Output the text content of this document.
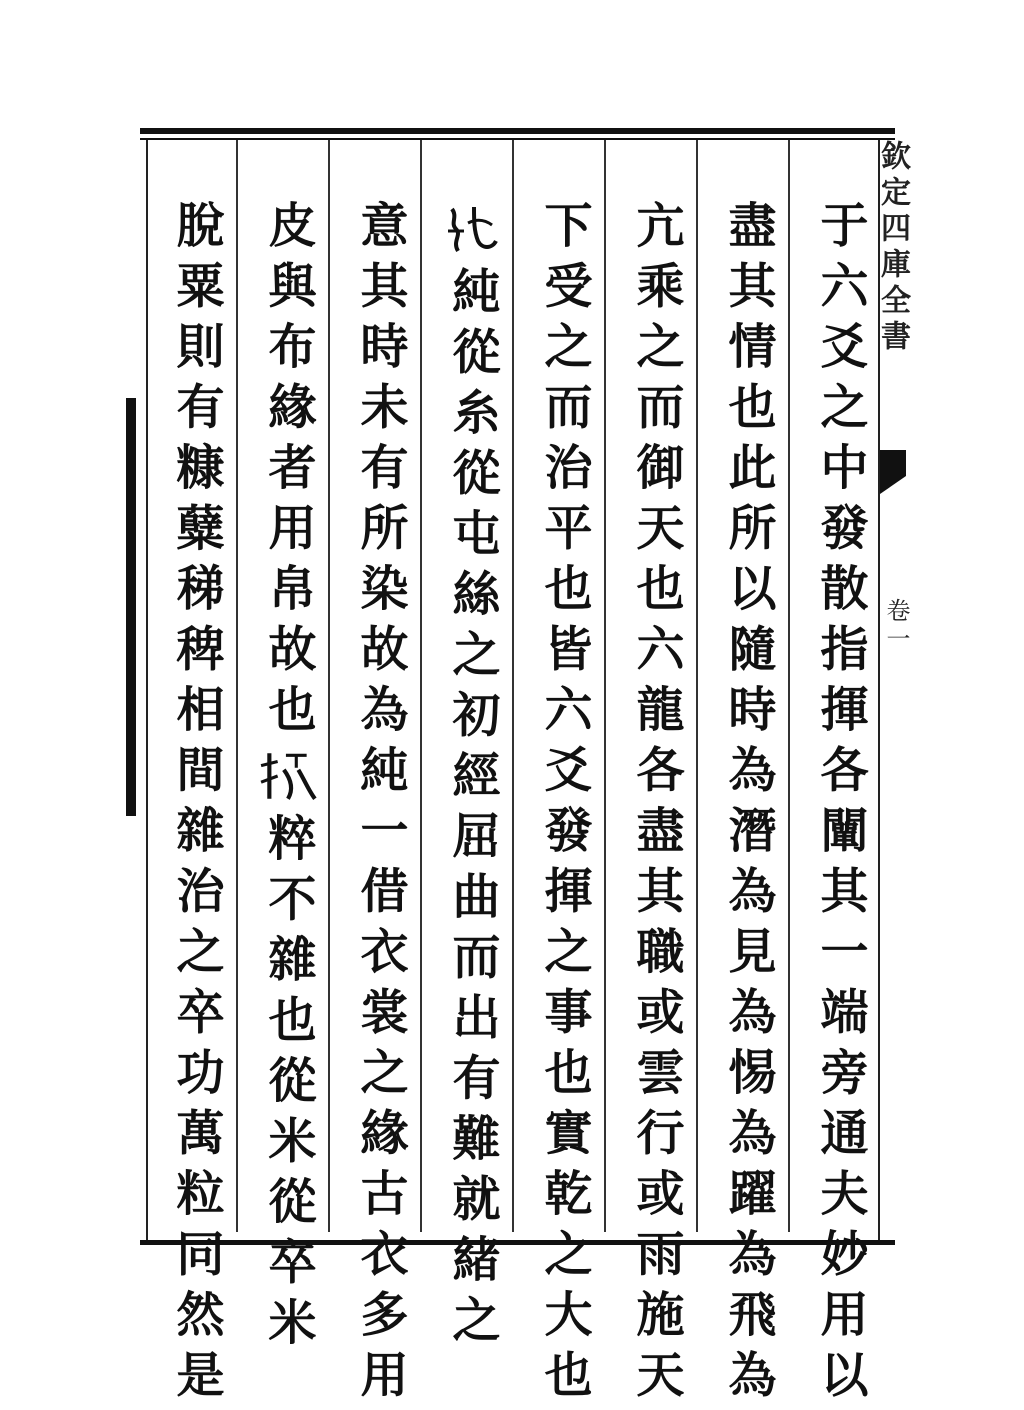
欽定四庫全書
卷一
于六爻之中發散指揮各闡其一端旁通夫妙用以
盡其情也此所以隨時為潛為見為惕為躍為飛為
亢乘之而御天也六龍各盡其職或雲行或雨施天
下受之而治平也皆六爻發揮之事也實乾之大也
純從糸從屯絲之初經屈曲而出有難就緒之
意其時未有所染故為純一借衣裳之緣古衣多用
皮與布緣者用帛故也
粹不雜也從米從卒米
脫粟則有糠糵稊稗相間雜治之卒功萬粒同然是
